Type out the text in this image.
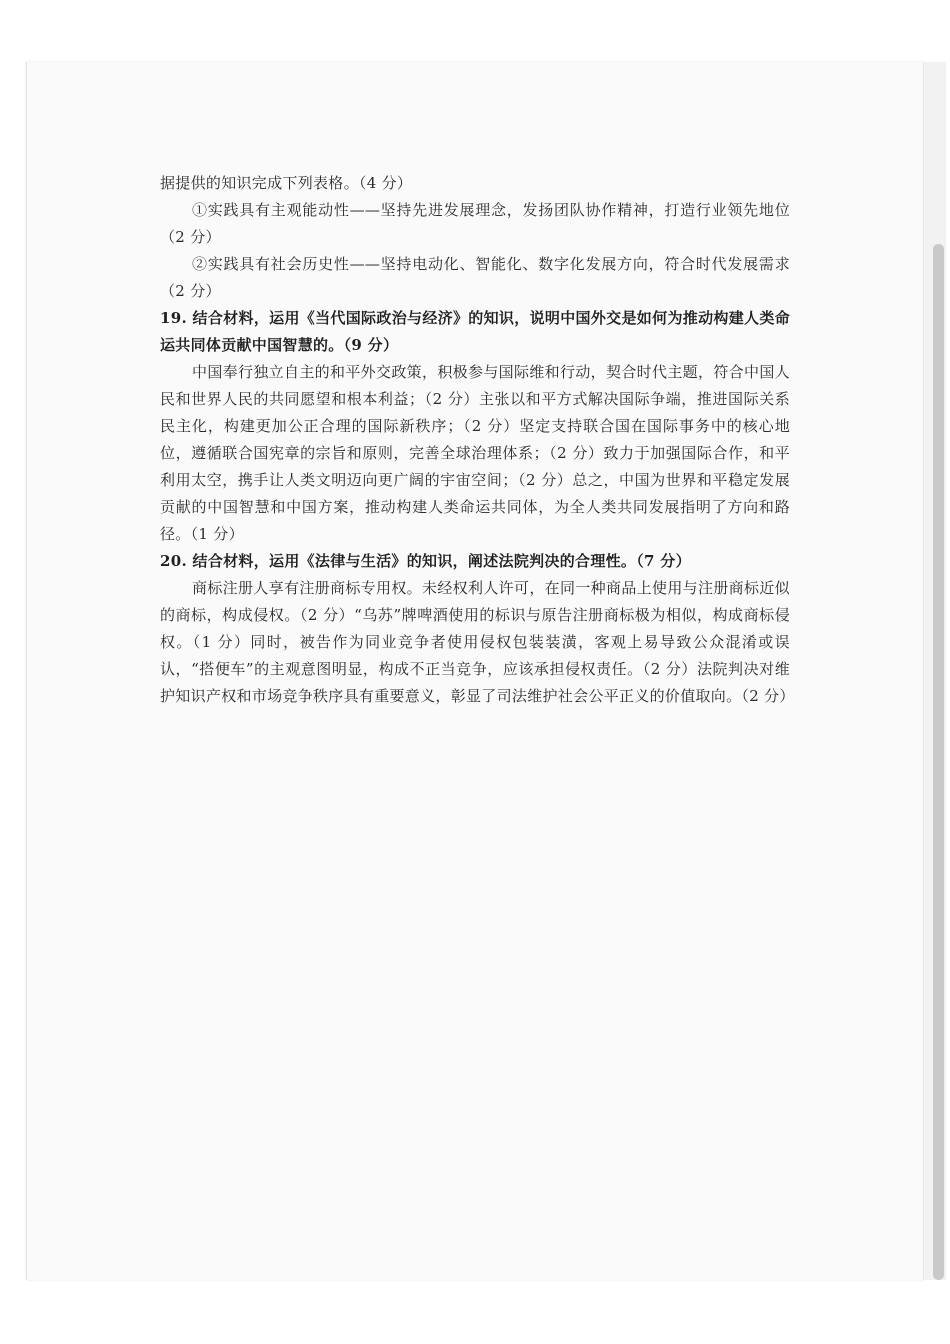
据提供的知识完成下列表格。（4 分）

①实践具有主观能动性——坚持先进发展理念，发扬团队协作精神，打造行业领先地位（2 分）

②实践具有社会历史性——坚持电动化、智能化、数字化发展方向，符合时代发展需求（2 分）

19. 结合材料，运用《当代国际政治与经济》的知识，说明中国外交是如何为推动构建人类命运共同体贡献中国智慧的。（9 分）

中国奉行独立自主的和平外交政策，积极参与国际维和行动，契合时代主题，符合中国人民和世界人民的共同愿望和根本利益；（2 分）主张以和平方式解决国际争端，推进国际关系民主化，构建更加公正合理的国际新秩序；（2 分）坚定支持联合国在国际事务中的核心地位，遵循联合国宪章的宗旨和原则，完善全球治理体系；（2 分）致力于加强国际合作，和平利用太空，携手让人类文明迈向更广阔的宇宙空间；（2 分）总之，中国为世界和平稳定发展贡献的中国智慧和中国方案，推动构建人类命运共同体，为全人类共同发展指明了方向和路径。（1 分）

20. 结合材料，运用《法律与生活》的知识，阐述法院判决的合理性。（7 分）

商标注册人享有注册商标专用权。未经权利人许可，在同一种商品上使用与注册商标近似的商标，构成侵权。（2 分）“乌苏”牌啤酒使用的标识与原告注册商标极为相似，构成商标侵权。（1 分）同时，被告作为同业竞争者使用侵权包装装潢，客观上易导致公众混淆或误认，“搭便车”的主观意图明显，构成不正当竞争，应该承担侵权责任。（2 分）法院判决对维护知识产权和市场竞争秩序具有重要意义，彰显了司法维护社会公平正义的价值取向。（2 分）
